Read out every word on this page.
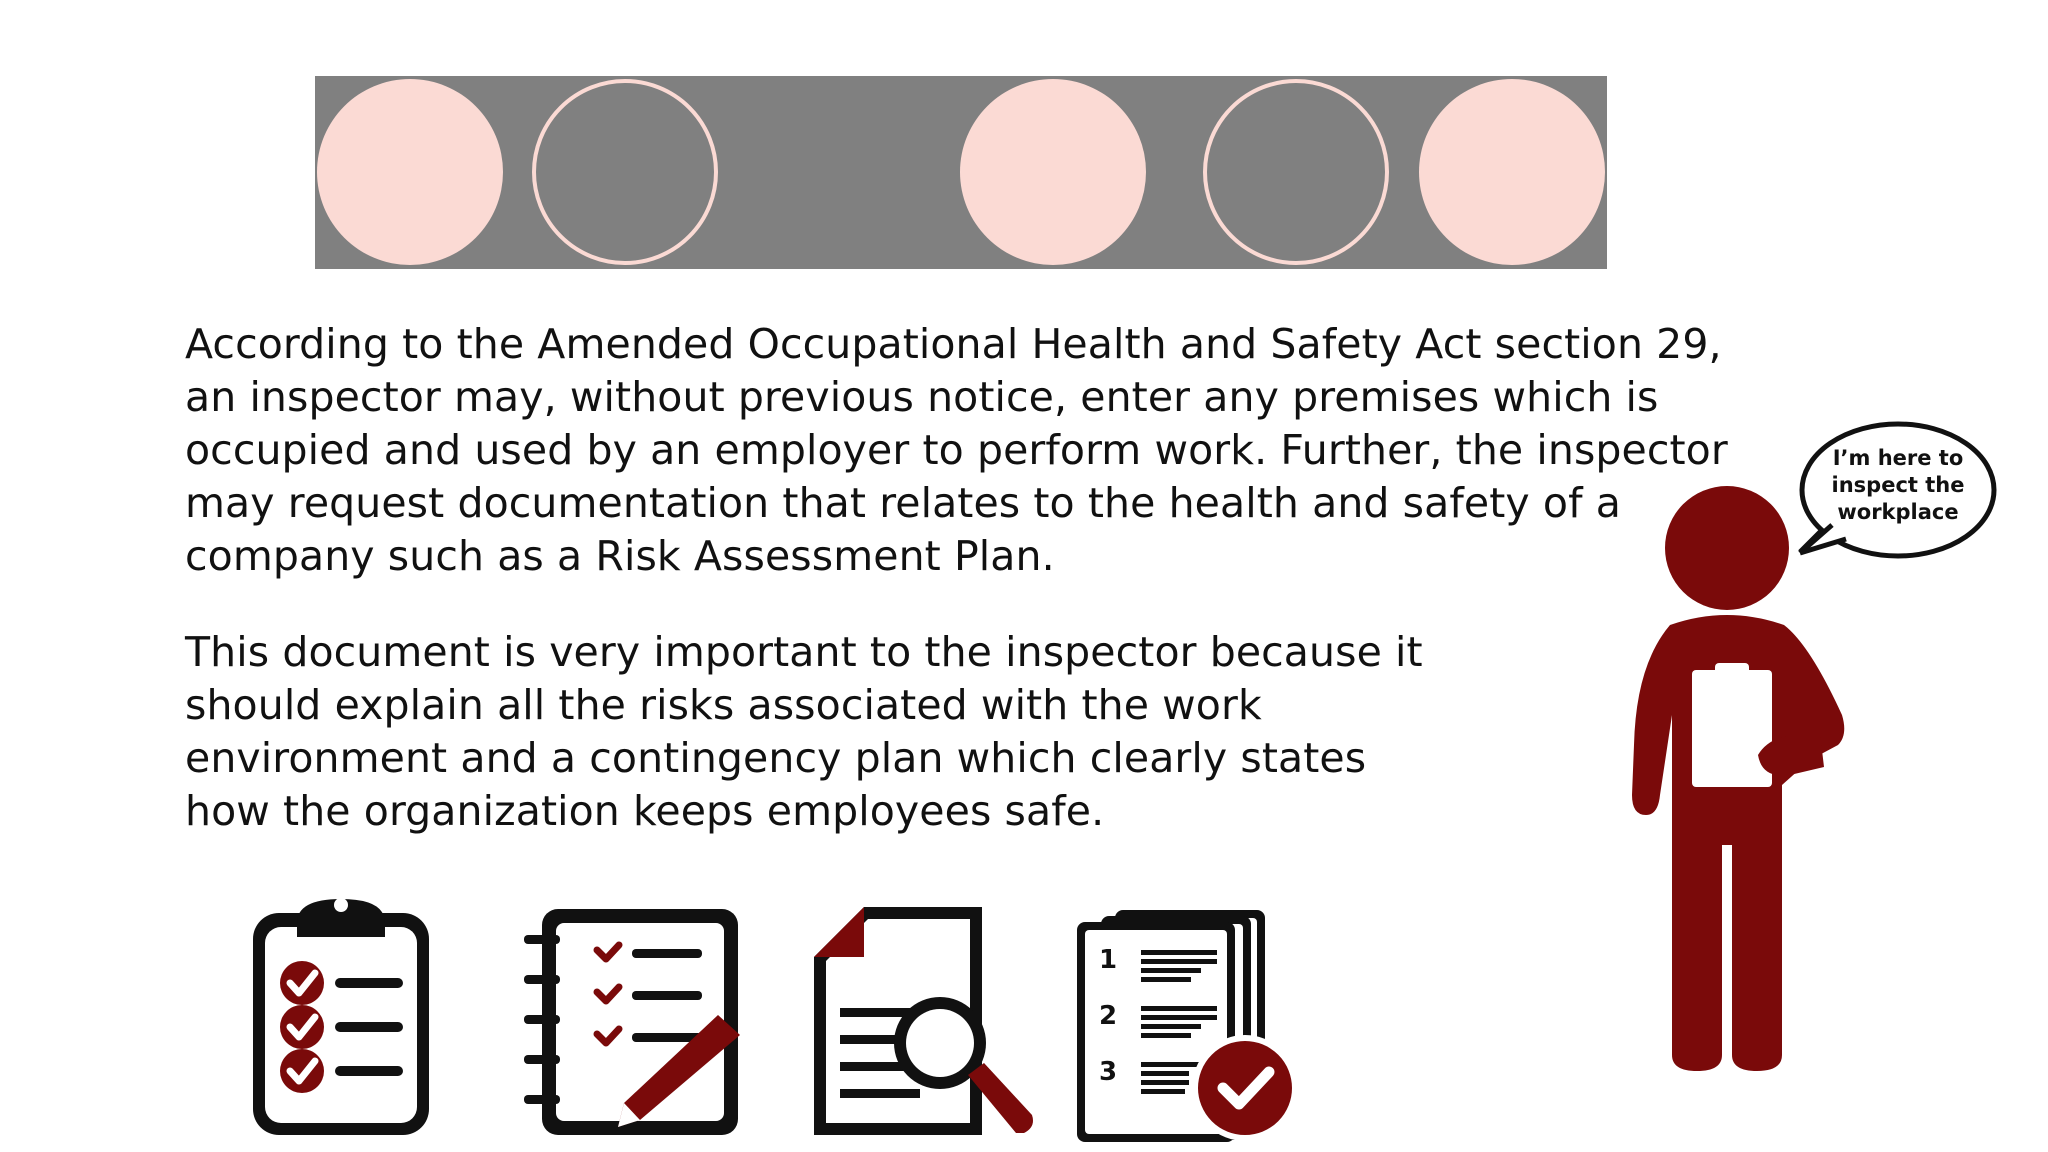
According to the Amended Occupational Health and Safety Act section 29,
an inspector may, without previous notice, enter any premises which is
occupied and used by an employer to perform work. Further, the inspector
may request documentation that relates to the health and safety of a
company such as a Risk Assessment Plan.

This document is very important to the inspector because it
should explain all the risks associated with the work
environment and a contingency plan which clearly states
how the organization keeps employees safe.

1
2
3
I’m here to
inspect the
workplace
